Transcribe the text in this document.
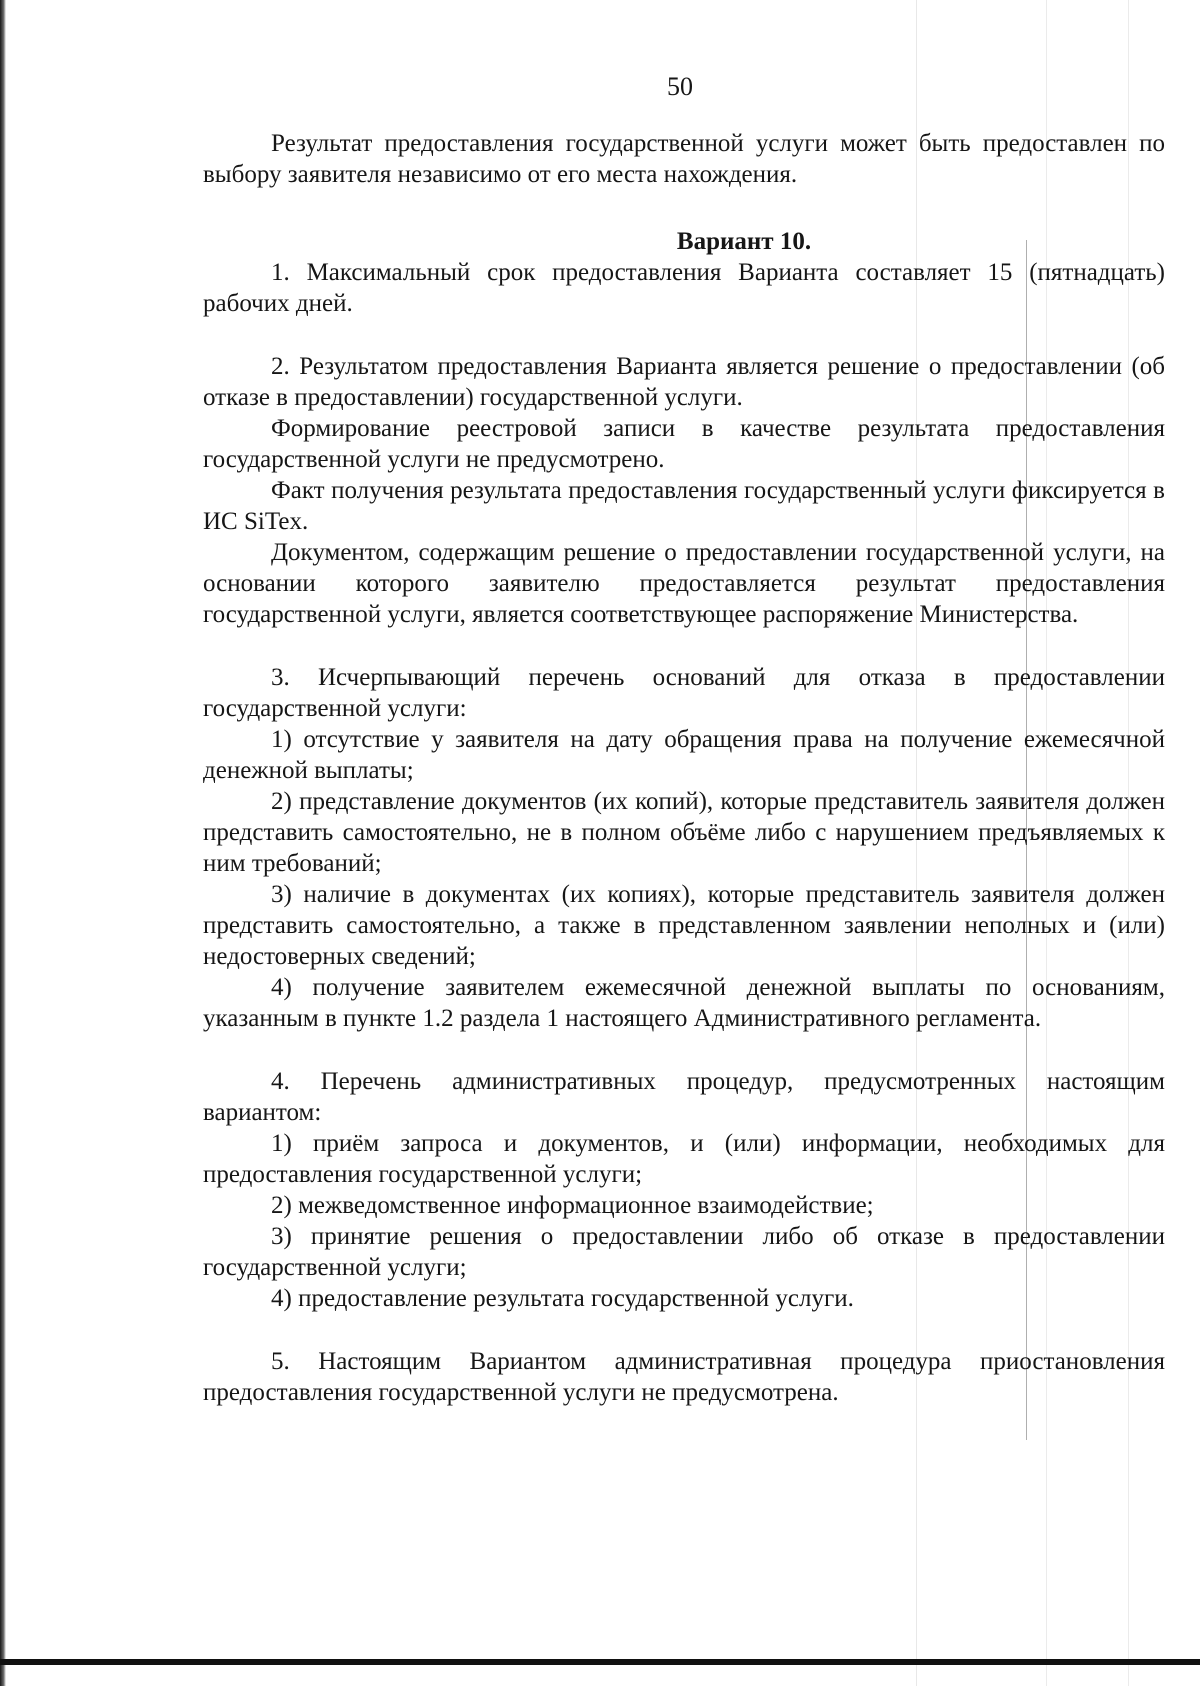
50

Результат предоставления государственной услуги может быть предоставлен по выбору заявителя независимо от его места нахождения.

Вариант 10.

1. Максимальный срок предоставления Варианта составляет 15 (пятнадцать) рабочих дней.

2. Результатом предоставления Варианта является решение о предоставлении (об отказе в предоставлении) государственной услуги.

Формирование реестровой записи в качестве результата предоставления государственной услуги не предусмотрено.

Факт получения результата предоставления государственный услуги фиксируется в ИС SiTex.

Документом, содержащим решение о предоставлении государственной услуги, на основании которого заявителю предоставляется результат предоставления государственной услуги, является соответствующее распоряжение Министерства.

3. Исчерпывающий перечень оснований для отказа в предоставлении государственной услуги:

1) отсутствие у заявителя на дату обращения права на получение ежемесячной денежной выплаты;

2) представление документов (их копий), которые представитель заявителя должен представить самостоятельно, не в полном объёме либо с нарушением предъявляемых к ним требований;

3) наличие в документах (их копиях), которые представитель заявителя должен представить самостоятельно, а также в представленном заявлении неполных и (или) недостоверных сведений;

4) получение заявителем ежемесячной денежной выплаты по основаниям, указанным в пункте 1.2 раздела 1 настоящего Административного регламента.

4. Перечень административных процедур, предусмотренных настоящим вариантом:

1) приём запроса и документов, и (или) информации, необходимых для предоставления государственной услуги;

2) межведомственное информационное взаимодействие;

3) принятие решения о предоставлении либо об отказе в предоставлении государственной услуги;

4) предоставление результата государственной услуги.

5. Настоящим Вариантом административная процедура приостановления предоставления государственной услуги не предусмотрена.
